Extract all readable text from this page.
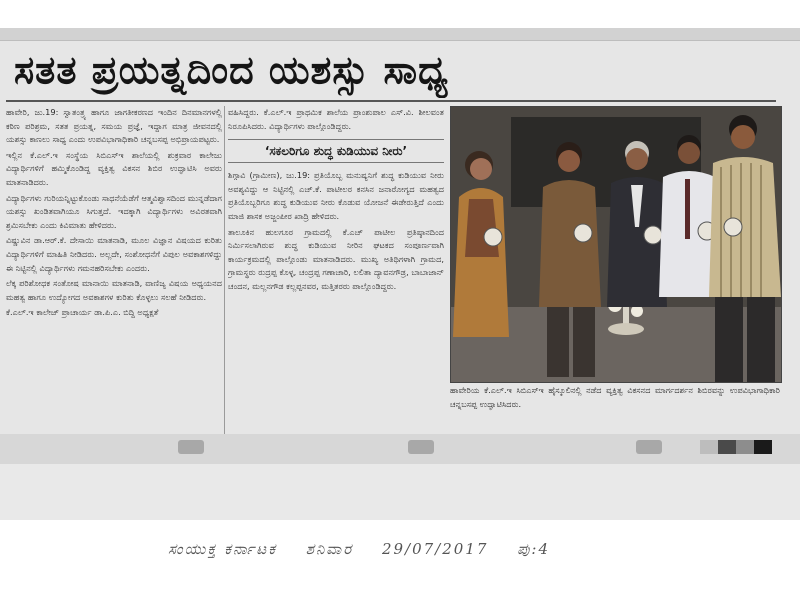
ಸತತ ಪ್ರಯತ್ನದಿಂದ ಯಶಸ್ಸು ಸಾಧ್ಯ

ಹಾವೇರಿ, ಜು.19: ಸ್ವಾತಂತ್ರ್ಯ ಹಾಗೂ ಜಾಗತೀಕರಣದ ಇಂದಿನ ದಿನಮಾನಗಳಲ್ಲಿ ಕಠಿಣ ಪರಿಶ್ರಮ, ಸತತ ಪ್ರಯತ್ನ, ಸಮಯ ಪ್ರಜ್ಞೆ, ಇದ್ದಾಗ ಮಾತ್ರ ಜೀವನದಲ್ಲಿ ಯಶಸ್ಸು ಕಾಣಲು ಸಾಧ್ಯ ಎಂದು ಉಪವಿಭಾಗಾಧಿಕಾರಿ ಚನ್ನಬಸಪ್ಪ ಅಭಿಪ್ರಾಯಪಟ್ಟರು.

ಇಲ್ಲಿನ ಕೆ.ಎಲ್.ಇ ಸಂಸ್ಥೆಯ ಸಿಬಿಎಸ್‌ಇ ಶಾಲೆಯಲ್ಲಿ ಶುಕ್ರವಾರ ಕಾಲೇಜು ವಿದ್ಯಾರ್ಥಿಗಳಿಗೆ ಹಮ್ಮಿಕೊಂಡಿದ್ದ ವ್ಯಕ್ತಿತ್ವ ವಿಕಸನ ಶಿಬಿರ ಉದ್ಘಾಟಿಸಿ ಅವರು ಮಾತನಾಡಿದರು.

ವಿದ್ಯಾರ್ಥಿಗಳು ಗುರಿಯನ್ನಿಟ್ಟುಕೊಂಡು ಸಾಧನೆಯೆಡೆಗೆ ಆತ್ಮವಿಶ್ವಾಸದಿಂದ ಮುನ್ನಡೆದಾಗ ಯಶಸ್ಸು ಖಂಡಿತವಾಗಿಯೂ ಸಿಗುತ್ತದೆ. ಇದಕ್ಕಾಗಿ ವಿದ್ಯಾರ್ಥಿಗಳು ಅವಿರತವಾಗಿ ಶ್ರಮಿಸಬೇಕು ಎಂದು ಕಿವಿಮಾತು ಹೇಳಿದರು.

ವಿಷ್ಣುವಿನ ಡಾ.ಆರ್.ಕೆ. ದೇಸಾಯಿ ಮಾತನಾಡಿ, ಮೂಲ ವಿಜ್ಞಾನ ವಿಷಯದ ಕುರಿತು ವಿದ್ಯಾರ್ಥಿಗಳಿಗೆ ಮಾಹಿತಿ ನೀಡಿದರು. ಅಲ್ಲದೇ, ಸಂಶೋಧನೆಗೆ ವಿಪುಲ ಅವಕಾಶಗಳಿದ್ದು ಈ ನಿಟ್ಟಿನಲ್ಲಿ ವಿದ್ಯಾರ್ಥಿಗಳು ಗಮನಹರಿಸಬೇಕು ಎಂದರು.

ಲೆಕ್ಕ ಪರಿಶೋಧಕ ಸಂತೋಷ ಮಾನಾಯಿ ಮಾತನಾಡಿ, ವಾಣಿಜ್ಯ ವಿಷಯ ಅಧ್ಯಯನದ ಮಹತ್ವ ಹಾಗೂ ಉದ್ಯೋಗದ ಅವಕಾಶಗಳ ಕುರಿತು ಕೊಳ್ಳಲು ಸಲಹೆ ನೀಡಿದರು.

ಕೆ.ಎಲ್.ಇ ಕಾಲೇಜ್ ಪ್ರಾಚಾರ್ಯ ಡಾ.ಪಿ.ಎ. ಬಿದ್ದಿ ಅಧ್ಯಕ್ಷತೆ

ವಹಿಸಿದ್ದರು. ಕೆ.ಎಲ್.ಇ ಪ್ರಾಥಮಿಕ ಶಾಲೆಯ ಪ್ರಾಂಶುಪಾಲ ಎಸ್.ವಿ. ಶೀಲವಂತ ನಿರೂಪಿಸಿದರು. ವಿದ್ಯಾರ್ಥಿಗಳು ಪಾಲ್ಗೊಂಡಿದ್ದರು.

‘ಸಕಲರಿಗೂ ಶುದ್ಧ ಕುಡಿಯುವ ನೀರು’

ಶಿಗ್ಗಾವಿ (ಗ್ರಾಮೀಣ), ಜು.19: ಪ್ರತಿಯೊಬ್ಬ ಮನುಷ್ಯನಿಗೆ ಶುದ್ಧ ಕುಡಿಯುವ ನೀರು ಅವಶ್ಯವಿದ್ದು ಆ ನಿಟ್ಟಿನಲ್ಲಿ ಎಚ್.ಕೆ. ಪಾಟೀಲರ ಕನಸಿನ ಜನಾರೋಗ್ಯದ ಮಹತ್ವದ ಪ್ರತಿಯೊಬ್ಬರಿಗೂ ಶುದ್ಧ ಕುಡಿಯುವ ನೀರು ಕೊಡುವ ಯೋಜನೆ ಈಡೇರುತ್ತಿದೆ ಎಂದು ಮಾಜಿ ಶಾಸಕ ಅಜ್ಜಂಪೀರ ಖಾದ್ರಿ ಹೇಳಿದರು.

ತಾಲೂಕಿನ ಹುಲಗೂರ ಗ್ರಾಮದಲ್ಲಿ ಕೆ.ಎಚ್ ಪಾಟೀಲ ಪ್ರತಿಷ್ಠಾನದಿಂದ ನಿರ್ಮಿಸಲಾಗಿರುವ ಶುದ್ಧ ಕುಡಿಯುವ ನೀರಿನ ಘಟಕದ ಸಂಪೂರ್ಣವಾಗಿ ಕಾರ್ಯಕ್ರಮದಲ್ಲಿ ಪಾಲ್ಗೊಂಡು ಮಾತನಾಡಿದರು. ಮುಖ್ಯ ಅತಿಥಿಗಳಾಗಿ ಗ್ರಾಮದ, ಗ್ರಾಮಸ್ಥರು ರುದ್ರಪ್ಪ ಕೊಳ್ಳ, ಚಂದ್ರಪ್ಪ ಗಣಾಚಾರಿ, ಲಲಿತಾ ದ್ಯಾವನಗೌಡ್ರ, ಬಾಬಾಜಾನ್ ಚಂದನ, ಮಲ್ಲನಗೌಡ ಕಲ್ಲಪ್ಪನವರ, ಮತ್ತಿತರರು ಪಾಲ್ಗೊಂಡಿದ್ದರು.

ಹಾವೇರಿಯ ಕೆ.ಎಲ್.ಇ ಸಿಬಿಎಸ್‌ಇ ಹೈಸ್ಕೂಲಿನಲ್ಲಿ ನಡೆದ ವ್ಯಕ್ತಿತ್ವ ವಿಕಸನದ ಮಾರ್ಗದರ್ಶನ ಶಿಬಿರವನ್ನು ಉಪವಿಭಾಗಾಧಿಕಾರಿ ಚನ್ನಬಸಪ್ಪ ಉದ್ಘಾಟಿಸಿದರು.
ಸಂಯುಕ್ತ ಕರ್ನಾಟಕ ಶನಿವಾರ 29/07/2017 ಪು:4
